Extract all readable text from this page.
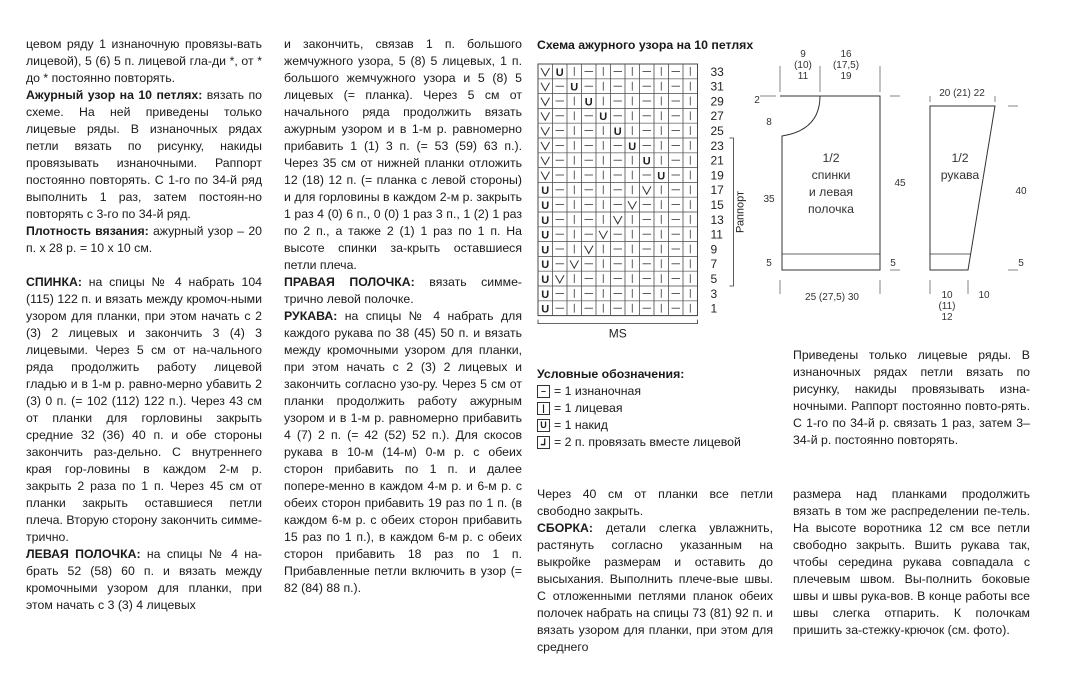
цевом ряду 1 изнаночную провязы-вать лицевой), 5 (6) 5 п. лицевой гла-ди *, от * до * постоянно повторять.

Ажурный узор на 10 петлях: вязать по схеме. На ней приведены только лицевые ряды. В изнаночных рядах петли вязать по рисунку, накиды провязывать изнаночными. Раппорт постоянно повторять. С 1-го по 34-й ряд выполнить 1 раз, затем постоян-но повторять с 3-го по 34-й ряд.

Плотность вязания: ажурный узор – 20 п. х 28 р. = 10 х 10 см.

СПИНКА: на спицы № 4 набрать 104 (115) 122 п. и вязать между кромоч-ными узором для планки, при этом начать с 2 (3) 2 лицевых и закончить 3 (4) 3 лицевыми. Через 5 см от на-чального ряда продолжить работу лицевой гладью и в 1-м р. равно-мерно убавить 2 (3) 0 п. (= 102 (112) 122 п.). Через 43 см от планки для горловины закрыть средние 32 (36) 40 п. и обе стороны закончить раз-дельно. С внутреннего края гор-ловины в каждом 2-м р. закрыть 2 раза по 1 п. Через 45 см от планки закрыть оставшиеся петли плеча. Вторую сторону закончить симме-трично.

ЛЕВАЯ ПОЛОЧКА: на спицы № 4 на-брать 52 (58) 60 п. и вязать между кромочными узором для планки, при этом начать с 3 (3) 4 лицевых

и закончить, связав 1 п. большого жемчужного узора, 5 (8) 5 лицевых, 1 п. большого жемчужного узора и 5 (8) 5 лицевых (= планка). Через 5 см от начального ряда продолжить вязать ажурным узором и в 1-м р. равномерно прибавить 1 (1) 3 п. (= 53 (59) 63 п.). Через 35 см от нижней планки отложить 12 (18) 12 п. (= планка с левой стороны) и для горловины в каждом 2-м р. закрыть 1 раз 4 (0) 6 п., 0 (0) 1 раз 3 п., 1 (2) 1 раз по 2 п., а также 2 (1) 1 раз по 1 п. На высоте спинки за-крыть оставшиеся петли плеча.

ПРАВАЯ ПОЛОЧКА: вязать симме-трично левой полочке.

РУКАВА: на спицы № 4 набрать для каждого рукава по 38 (45) 50 п. и вязать между кромочными узором для планки, при этом начать с 2 (3) 2 лицевых и закончить согласно узо-ру. Через 5 см от планки продолжить работу ажурным узором и в 1-м р. равномерно прибавить 4 (7) 2 п. (= 42 (52) 52 п.). Для скосов рукава в 10-м (14-м) 0-м р. с обеих сторон прибавить по 1 п. и далее попере-менно в каждом 4-м р. и 6-м р. с обеих сторон прибавить 19 раз по 1 п. (в каждом 6-м р. с обеих сторон прибавить 15 раз по 1 п.), в каждом 6-м р. с обеих сторон прибавить 18 раз по 1 п. Прибавленные петли включить в узор (= 82 (84) 88 п.).

Через 40 см от планки все петли свободно закрыть.

СБОРКА: детали слегка увлажнить, растянуть согласно указанным на выкройке размерам и оставить до высыхания. Выполнить плече-вые швы. С отложенными петлями планок обеих полочек набрать на спицы 73 (81) 92 п. и вязать узором для планки, при этом для среднего

размера над планками продолжить вязать в том же распределении пе-тель. На высоте воротника 12 см все петли свободно закрыть. Вшить рукава так, чтобы середина рукава совпадала с плечевым швом. Вы-полнить боковые швы и швы рука-вов. В конце работы все швы слегка отпарить. К полочкам пришить за-стежку-крючок (см. фото).

Схема ажурного узора на 10 петлях
33
U
31
U
29
U
27
U
25
U
23
U
21
U
19
U
17
U
15
U
13
U
11
U
9
U
7
U
5
U
3
U
1
U
Раппорт
MS
Условные обозначения:
– = 1 изнаночная
| = 1 лицевая
U = 1 накид
⅃ = 2 п. провязать вместе лицевой
1/2
спинки
и левая
полочка
1/2
рукава
9
(10)
11
16
(17,5)
19
2
8
35
45
5	5
25 (27,5) 30
20 (21) 22
40
5
10
(11)
12
10
Приведены только лицевые ряды. В изнаночных рядах петли вязать по рисунку, накиды провязывать изна-ночными. Раппорт постоянно повто-рять. С 1-го по 34-й р. связать 1 раз, затем 3–34-й р. постоянно повторять.
